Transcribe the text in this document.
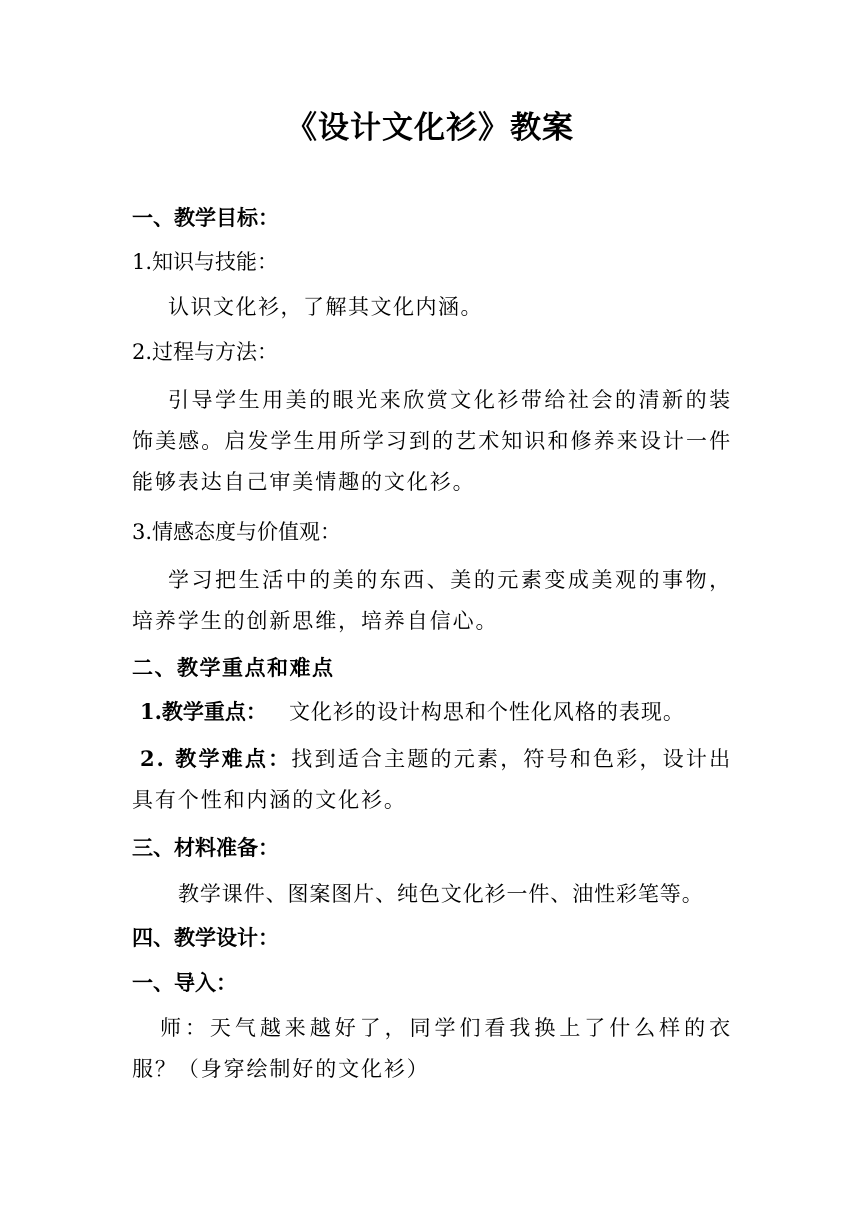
《设计文化衫》教案
一、教学目标：
1.知识与技能：
认识文化衫，了解其文化内涵。
2.过程与方法：
引导学生用美的眼光来欣赏文化衫带给社会的清新的装饰美感。启发学生用所学习到的艺术知识和修养来设计一件能够表达自己审美情趣的文化衫。
3.情感态度与价值观：
学习把生活中的美的东西、美的元素变成美观的事物，培养学生的创新思维，培养自信心。
二、教学重点和难点
1.教学重点： 文化衫的设计构思和个性化风格的表现。
2. 教学难点：找到适合主题的元素，符号和色彩，设计出具有个性和内涵的文化衫。
三、材料准备：
教学课件、图案图片、纯色文化衫一件、油性彩笔等。
四、教学设计：
一、导入：
师：天气越来越好了，同学们看我换上了什么样的衣服？（身穿绘制好的文化衫）
